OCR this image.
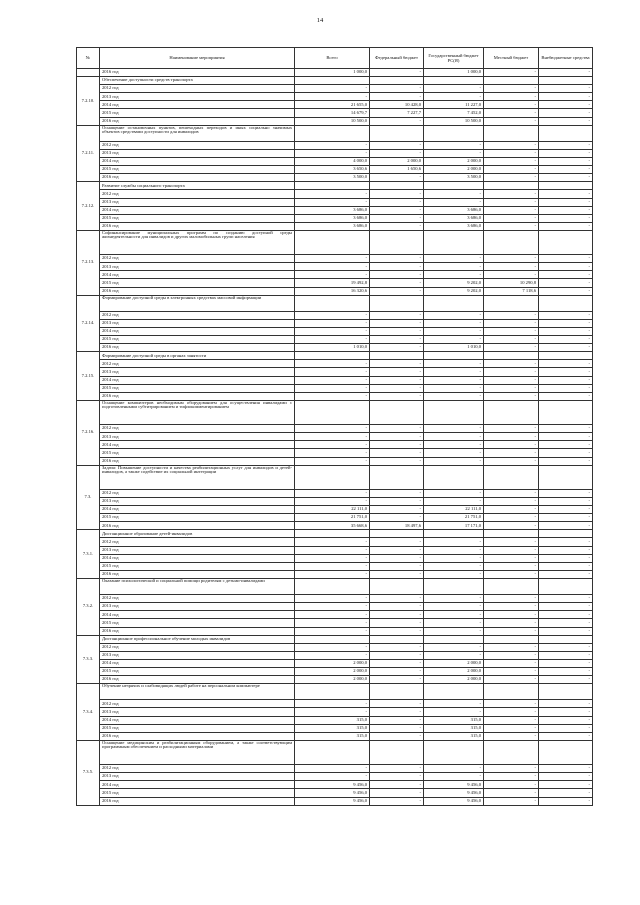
14
№	Наименование мероприятия	Всего	Федеральный бюджет	Государственный бюджет РС(Я)	Местный бюджет	Внебюджетные средства
	2016 год	1 000,0	-	1 000,0	-	-
7.2.10.	Обеспечение доступности средств транспорта					
	2012 год	-	-	-	-	-
	2013 год	-	-	-	-	-
	2014 год	21 655,0	10 428,0	11 227,0	-	-
	2015 год	14 679,7	7 227,7	7 452,0	-	-
	2016 год	10 500,0	-	10 500,0	-	-
7.2.11.	Оснащение остановочных пунктов, пешеходных переходов и иных социально значимых объектов средствами доступности для инвалидов					
	2012 год	-	-	-	-	-
	2013 год	-	-	-	-	-
	2014 год	4 000,0	2 000,0	2 000,0	-	-
	2015 год	3 650,6	1 650,6	2 000,0	-	-
	2016 год	3 500,0	-	3 500,0	-	-
7.2.12.	Развитие службы социального транспорта					
	2012 год	-	-	-	-	-
	2013 год	-	-	-	-	-
	2014 год	3 686,0	-	3 686,0	-	-
	2015 год	3 686,0	-	3 686,0	-	-
	2016 год	3 686,0	-	3 686,0	-	-
7.2.13.	Софинансирование муниципальных программ по созданию доступной среды жизнедеятельности для инвалидов и других маломобильных групп населения					
	2012 год	-	-	-	-	-
	2013 год	-	-	-	-	-
	2014 год	-	-	-	-	-
	2015 год	19 492,8	-	9 202,0	10 290,8	-
	2016 год	16 320,6	-	9 202,0	7 118,6	-
7.2.14.	Формирование доступной среды в электронных средствах массовой информации					
	2012 год	-	-	-	-	-
	2013 год	-	-	-	-	-
	2014 год	-	-	-	-	-
	2015 год	-	-	-	-	-
	2016 год	1 010,0	-	1 010,0	-	-
7.2.15.	Формирование доступной среды в органах занятости					
	2012 год	-	-	-	-	-
	2013 год	-	-	-	-	-
	2014 год	-	-	-	-	-
	2015 год	-	-	-	-	-
	2016 год	-	-	-	-	-
7.2.16.	Оснащение компьютеров необходимым оборудованием для осуществления инвалидами с подготовленными субтитрированием и тифлокомментированием					
	2012 год	-	-	-	-	-
	2013 год	-	-	-	-	-
	2014 год	-	-	-	-	-
	2015 год	-	-	-	-	-
	2016 год	-	-	-	-	-
7.3.	Задача: Повышение доступности и качества реабилитационных услуг для инвалидов и детей-инвалидов, а также содействие их социальной интеграции					
	2012 год	-	-	-	-	-
	2013 год	-	-	-	-	-
	2014 год	22 111,0	-	22 111,0	-	-
	2015 год	21 751,0	-	21 751,0	-	-
	2016 год	35 668,6	18 497,6	17 171,0	-	-
7.3.1.	Дистанционное образование детей-инвалидов					
	2012 год	-	-	-	-	-
	2013 год	-	-	-	-	-
	2014 год	-	-	-	-	-
	2015 год	-	-	-	-	-
	2016 год	-	-	-	-	-
7.3.2.	Оказание психологической и социальной помощи родителям с детьми-инвалидами					
	2012 год	-	-	-	-	-
	2013 год	-	-	-	-	-
	2014 год	-	-	-	-	-
	2015 год	-	-	-	-	-
	2016 год	-	-	-	-	-
7.3.3.	Дистанционное профессиональное обучение молодых инвалидов					
	2012 год	-	-	-	-	-
	2013 год	-	-	-	-	-
	2014 год	2 000,0	-	2 000,0	-	-
	2015 год	2 000,0	-	2 000,0	-	-
	2016 год	2 000,0	-	2 000,0	-	-
7.3.4.	Обучение незрячих и слабовидящих людей работе на персональном компьютере					
	2012 год	-	-	-	-	-
	2013 год	-	-	-	-	-
	2014 год	315,0	-	315,0	-	-
	2015 год	315,0	-	315,0	-	-
	2016 год	315,0	-	315,0	-	-
7.3.5.	Оснащение медицинским и реабилитационным оборудованием, а также соответствующим программным обеспечением и расходными материалами					
	2012 год	-	-	-	-	-
	2013 год	-	-	-	-	-
	2014 год	9 456,0	-	9 456,0	-	-
	2015 год	9 456,0	-	9 456,0	-	-
	2016 год	9 456,0	-	9 456,0	-	-
